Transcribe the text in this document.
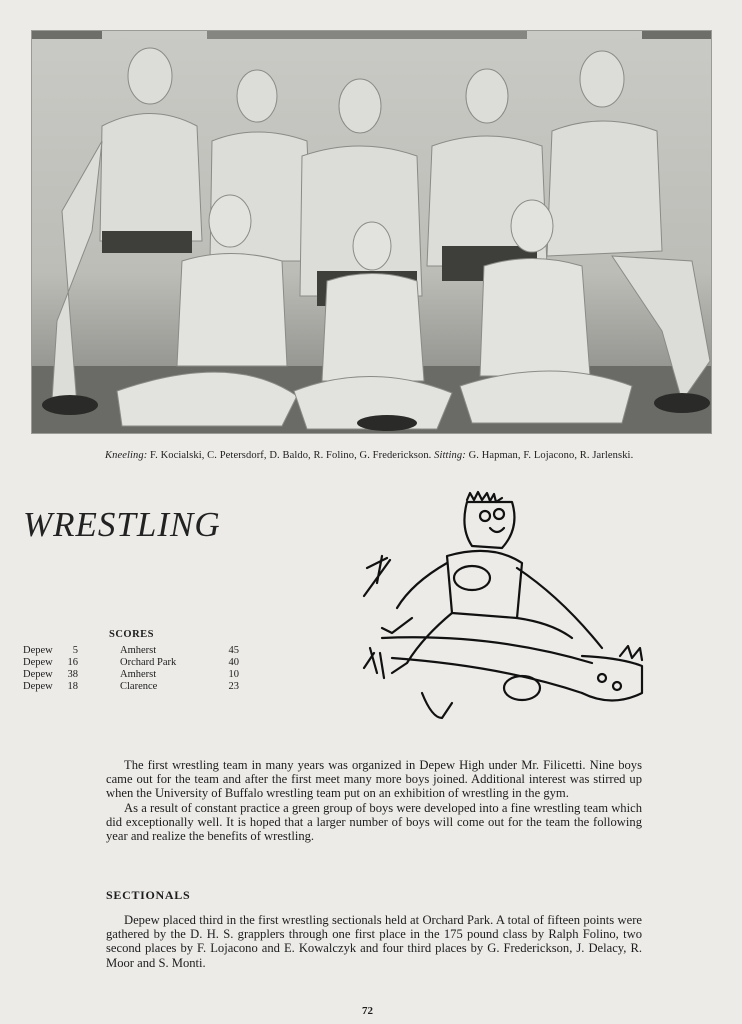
Kneeling: F. Kocialski, C. Petersdorf, D. Baldo, R. Folino, G. Frederickson. Sitting: G. Hapman, F. Lojacono, R. Jarlenski.
WRESTLING
SCORES
Depew 5	Amherst	45
Depew 16	Orchard Park	40
Depew 38	Amherst	10
Depew 18	Clarence	23

The first wrestling team in many years was organized in Depew High under Mr. Filicetti. Nine boys came out for the team and after the first meet many more boys joined. Additional interest was stirred up when the University of Buffalo wrestling team put on an exhibition of wrestling in the gym.

As a result of constant practice a green group of boys were developed into a fine wrestling team which did exceptionally well. It is hoped that a larger number of boys will come out for the team the following year and realize the benefits of wrestling.

SECTIONALS

Depew placed third in the first wrestling sectionals held at Orchard Park. A total of fifteen points were gathered by the D. H. S. grapplers through one first place in the 175 pound class by Ralph Folino, two second places by F. Lojacono and E. Kowalczyk and four third places by G. Frederickson, J. Delacy, R. Moor and S. Monti.

72
